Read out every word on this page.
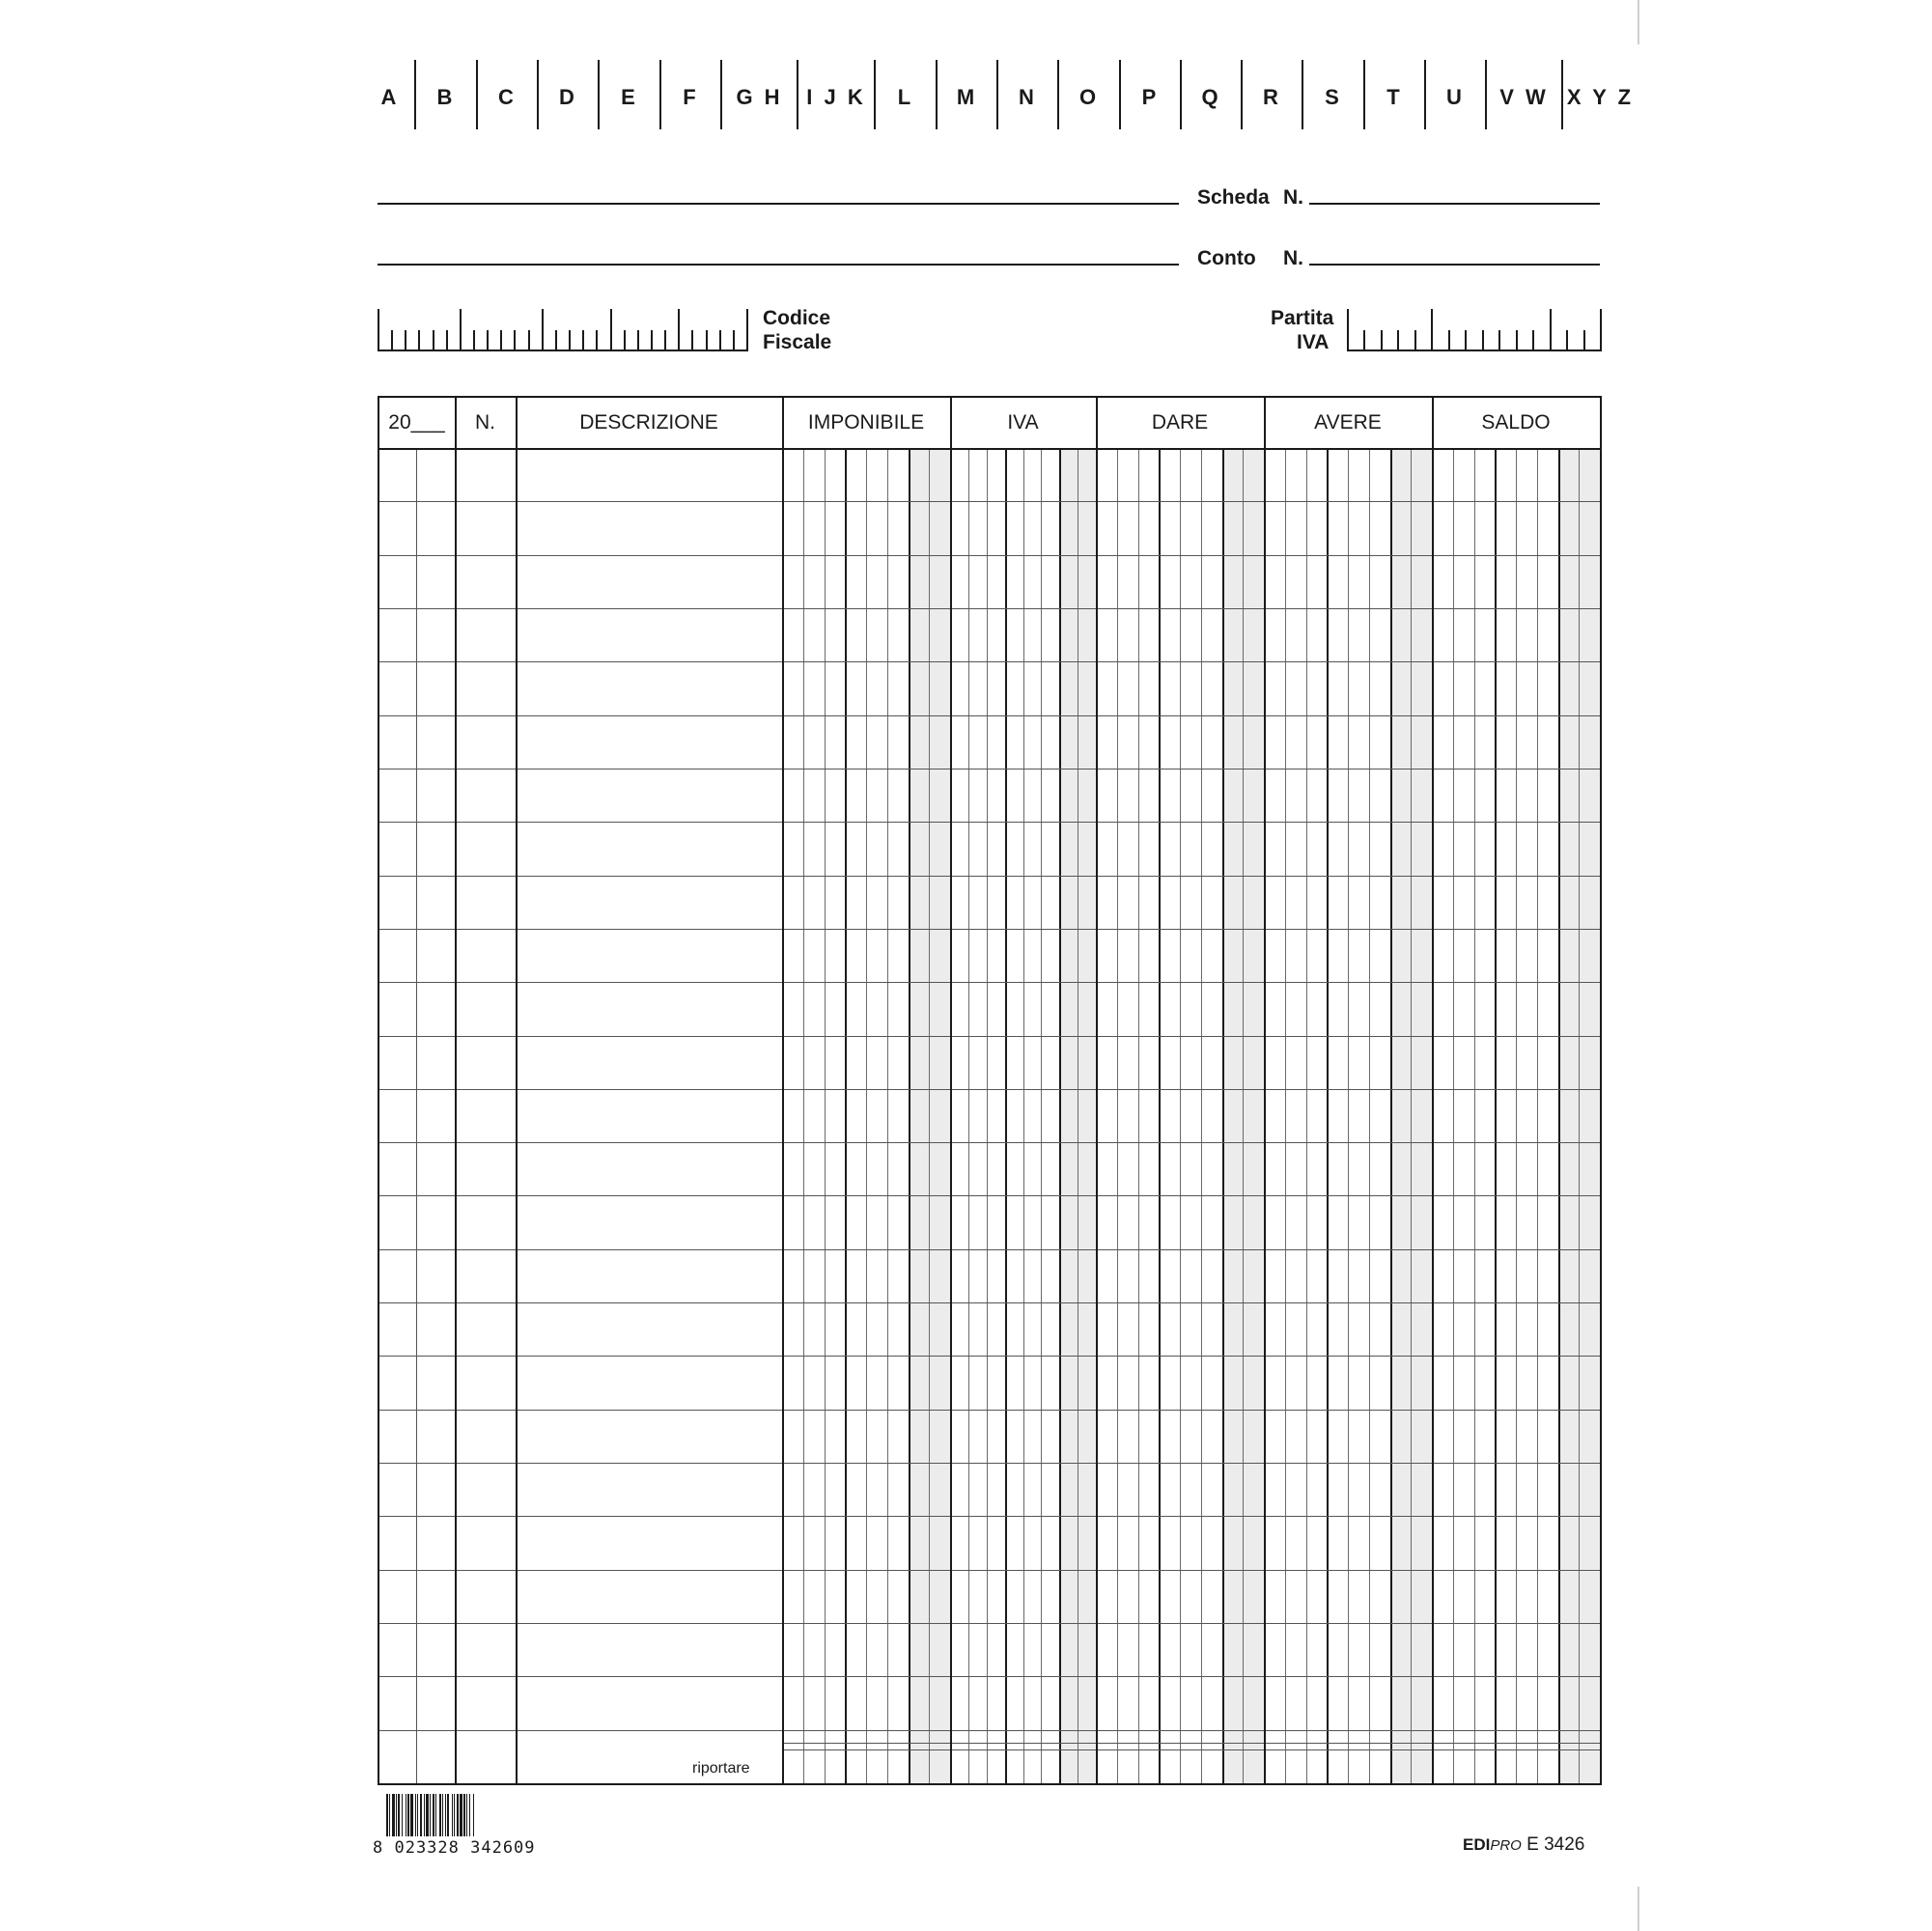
A	B	C	D	E	F	G H	I J K	L	M	N	O	P	Q	R	S	T	U	V W X Y Z
Scheda N.
Conto N.
Codice
Fiscale
Partita
IVA
20___	N.	DESCRIZIONE	IMPONIBILE	IVA	DARE	AVERE	SALDO
riportare
8 023328 342609	EDIPRO E 3426
